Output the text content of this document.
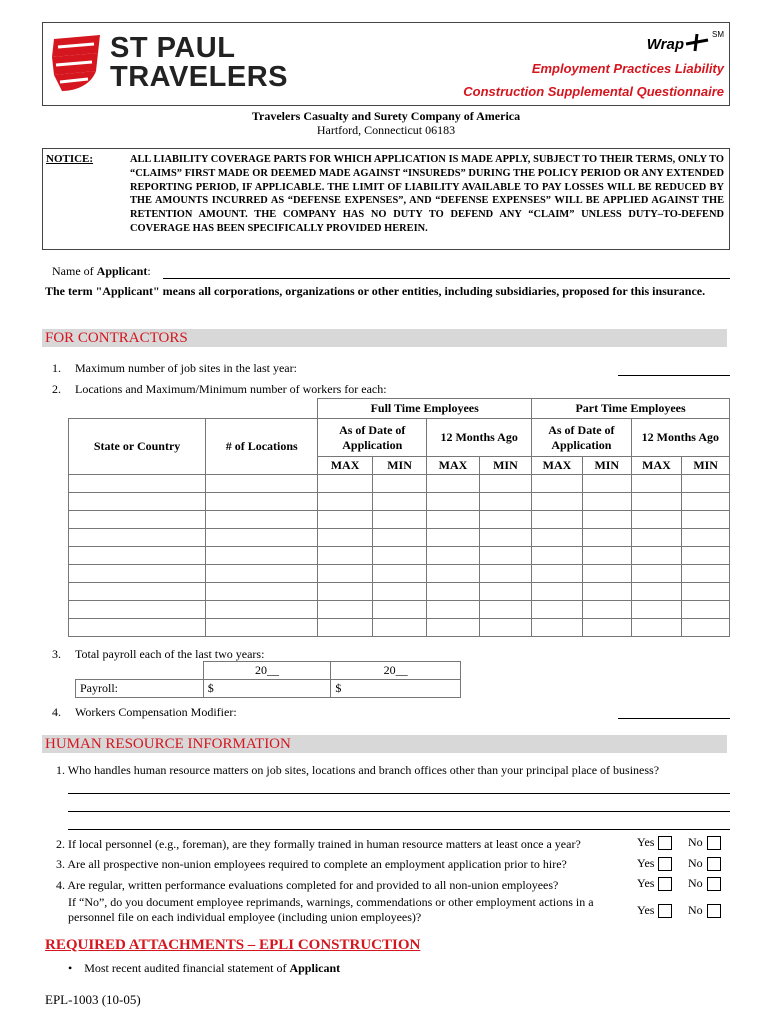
ST PAUL
TRAVELERS
Wrap
SM
Employment Practices Liability
Construction Supplemental Questionnaire
Travelers Casualty and Surety Company of America
Hartford, Connecticut 06183
NOTICE:	ALL LIABILITY COVERAGE PARTS FOR WHICH APPLICATION IS MADE APPLY, SUBJECT TO THEIR TERMS, ONLY TO “CLAIMS” FIRST MADE OR DEEMED MADE AGAINST “INSUREDS” DURING THE POLICY PERIOD OR ANY EXTENDED REPORTING PERIOD, IF APPLICABLE. THE LIMIT OF LIABILITY AVAILABLE TO PAY LOSSES WILL BE REDUCED BY THE AMOUNTS INCURRED AS “DEFENSE EXPENSES”, AND “DEFENSE EXPENSES” WILL BE APPLIED AGAINST THE RETENTION AMOUNT. THE COMPANY HAS NO DUTY TO DEFEND ANY “CLAIM” UNLESS DUTY–TO-DEFEND COVERAGE HAS BEEN SPECIFICALLY PROVIDED HEREIN.
Name of Applicant:
The term "Applicant" means all corporations, organizations or other entities, including subsidiaries, proposed for this insurance.
FOR CONTRACTORS
1. Maximum number of job sites in the last year:
2. Locations and Maximum/Minimum number of workers for each:
		Full Time Employees				Part Time Employees			
State or Country	# of Locations	As of Date of Application		12 Months Ago		As of Date of Application		12 Months Ago	
		MAX	MIN	MAX	MIN	MAX	MIN	MAX	MIN

3. Total payroll each of the last two years:
	20__	20__
Payroll:	$	$
4. Workers Compensation Modifier:
HUMAN RESOURCE INFORMATION
1. Who handles human resource matters on job sites, locations and branch offices other than your principal place of business?
2. If local personnel (e.g., foreman), are they formally trained in human resource matters at least once a year?
3. Are all prospective non-union employees required to complete an employment application prior to hire?
4. Are regular, written performance evaluations completed for and provided to all non-union employees?
If “No”, do you document employee reprimands, warnings, commendations or other employment actions in a personnel file on each individual employee (including union employees)?
Yes	No
Yes	No
Yes	No
Yes	No
REQUIRED ATTACHMENTS – EPLI CONSTRUCTION
• Most recent audited financial statement of Applicant
EPL-1003 (10-05)
